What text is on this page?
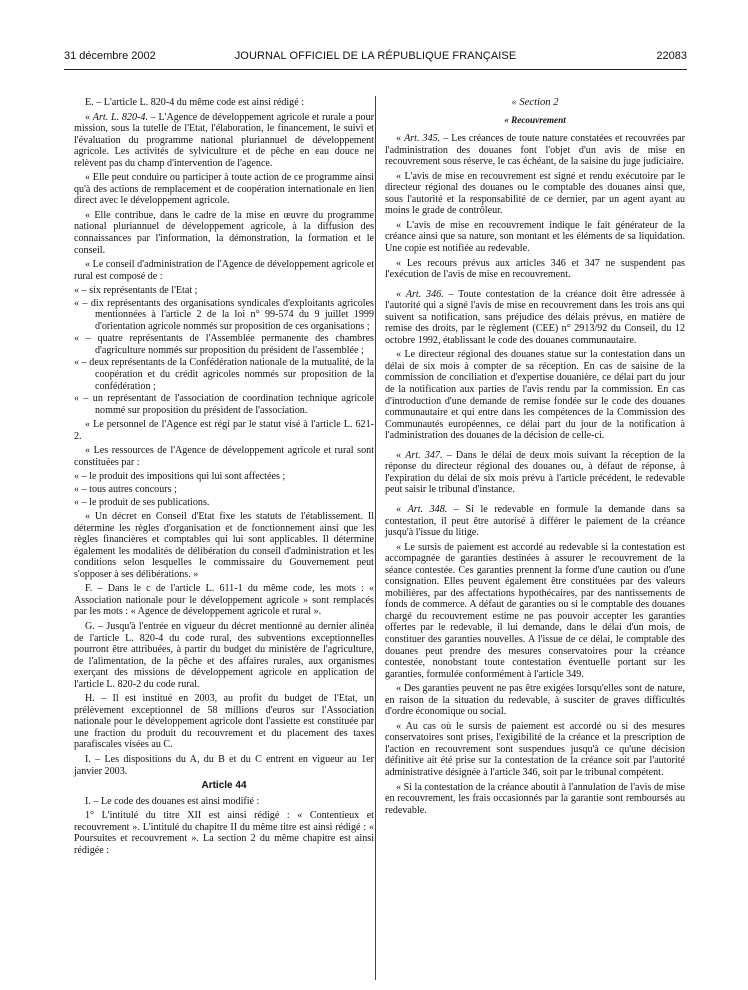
31 décembre 2002	JOURNAL OFFICIEL DE LA RÉPUBLIQUE FRANÇAISE	22083

E. – L'article L. 820-4 du même code est ainsi rédigé :

« Art. L. 820-4. – L'Agence de développement agricole et rurale a pour mission, sous la tutelle de l'Etat, l'élaboration, le financement, le suivi et l'évaluation du programme national pluriannuel de développement agricole. Les activités de sylviculture et de pêche en eau douce ne relèvent pas du champ d'intervention de l'agence.

« Elle peut conduire ou participer à toute action de ce programme ainsi qu'à des actions de remplacement et de coopération internationale en lien direct avec le développement agricole.

« Elle contribue, dans le cadre de la mise en œuvre du programme national pluriannuel de développement agricole, à la diffusion des connaissances par l'information, la démonstration, la formation et le conseil.

« Le conseil d'administration de l'Agence de développement agricole et rural est composé de :

« – six représentants de l'Etat ;
« – dix représentants des organisations syndicales d'exploitants agricoles mentionnées à l'article 2 de la loi n° 99-574 du 9 juillet 1999 d'orientation agricole nommés sur proposition de ces organisations ;
« – quatre représentants de l'Assemblée permanente des chambres d'agriculture nommés sur proposition du président de l'assemblée ;
« – deux représentants de la Confédération nationale de la mutualité, de la coopération et du crédit agricoles nommés sur proposition de la confédération ;
« – un représentant de l'association de coordination technique agricole nommé sur proposition du président de l'association.

« Le personnel de l'Agence est régi par le statut visé à l'article L. 621-2.

« Les ressources de l'Agence de développement agricole et rural sont constituées par :

« – le produit des impositions qui lui sont affectées ;
« – tous autres concours ;
« – le produit de ses publications.

« Un décret en Conseil d'Etat fixe les statuts de l'établissement. Il détermine les règles d'organisation et de fonctionnement ainsi que les règles financières et comptables qui lui sont applicables. Il détermine également les modalités de délibération du conseil d'administration et les conditions selon lesquelles le commissaire du Gouvernement peut s'opposer à ses délibérations. »

F. – Dans le c de l'article L. 611-1 du même code, les mots : « Association nationale pour le développement agricole » sont remplacés par les mots : « Agence de développement agricole et rural ».

G. – Jusqu'à l'entrée en vigueur du décret mentionné au dernier alinéa de l'article L. 820-4 du code rural, des subventions exceptionnelles pourront être attribuées, à partir du budget du ministère de l'agriculture, de l'alimentation, de la pêche et des affaires rurales, aux organismes exerçant des missions de développement agricole en application de l'article L. 820-2 du code rural.

H. – Il est institué en 2003, au profit du budget de l'Etat, un prélèvement exceptionnel de 58 millions d'euros sur l'Association nationale pour le développement agricole dont l'assiette est constituée par une fraction du produit du recouvrement et du placement des taxes parafiscales visées au C.

I. – Les dispositions du A, du B et du C entrent en vigueur au 1er janvier 2003.

Article 44

I. – Le code des douanes est ainsi modifié :

1° L'intitulé du titre XII est ainsi rédigé : « Contentieux et recouvrement ». L'intitulé du chapitre II du même titre est ainsi rédigé : « Poursuites et recouvrement ». La section 2 du même chapitre est ainsi rédigée :

« Section 2
« Recouvrement

« Art. 345. – Les créances de toute nature constatées et recouvrées par l'administration des douanes font l'objet d'un avis de mise en recouvrement sous réserve, le cas échéant, de la saisine du juge judiciaire.

« L'avis de mise en recouvrement est signé et rendu exécutoire par le directeur régional des douanes ou le comptable des douanes ainsi que, sous l'autorité et la responsabilité de ce dernier, par un agent ayant au moins le grade de contrôleur.

« L'avis de mise en recouvrement indique le fait générateur de la créance ainsi que sa nature, son montant et les éléments de sa liquidation. Une copie est notifiée au redevable.

« Les recours prévus aux articles 346 et 347 ne suspendent pas l'exécution de l'avis de mise en recouvrement.

« Art. 346. – Toute contestation de la créance doit être adressée à l'autorité qui a signé l'avis de mise en recouvrement dans les trois ans qui suivent sa notification, sans préjudice des délais prévus, en matière de remise des droits, par le règlement (CEE) n° 2913/92 du Conseil, du 12 octobre 1992, établissant le code des douanes communautaire.

« Le directeur régional des douanes statue sur la contestation dans un délai de six mois à compter de sa réception. En cas de saisine de la commission de conciliation et d'expertise douanière, ce délai part du jour de la notification aux parties de l'avis rendu par la commission. En cas d'introduction d'une demande de remise fondée sur le code des douanes communautaire et qui entre dans les compétences de la Commission des Communautés européennes, ce délai part du jour de la notification à l'administration des douanes de la décision de celle-ci.

« Art. 347. – Dans le délai de deux mois suivant la réception de la réponse du directeur régional des douanes ou, à défaut de réponse, à l'expiration du délai de six mois prévu à l'article précédent, le redevable peut saisir le tribunal d'instance.

« Art. 348. – Si le redevable en formule la demande dans sa contestation, il peut être autorisé à différer le paiement de la créance jusqu'à l'issue du litige.

« Le sursis de paiement est accordé au redevable si la contestation est accompagnée de garanties destinées à assurer le recouvrement de la séance contestée. Ces garanties prennent la forme d'une caution ou d'une consignation. Elles peuvent également être constituées par des valeurs mobilières, par des affectations hypothécaires, par des nantissements de fonds de commerce. A défaut de garanties ou si le comptable des douanes chargé du recouvrement estime ne pas pouvoir accepter les garanties offertes par le redevable, il lui demande, dans le délai d'un mois, de constituer des garanties nouvelles. A l'issue de ce délai, le comptable des douanes peut prendre des mesures conservatoires pour la créance contestée, nonobstant toute contestation éventuelle portant sur les garanties, formulée conformément à l'article 349.

« Des garanties peuvent ne pas être exigées lorsqu'elles sont de nature, en raison de la situation du redevable, à susciter de graves difficultés d'ordre économique ou social.

« Au cas où le sursis de paiement est accordé ou si des mesures conservatoires sont prises, l'exigibilité de la créance et la prescription de l'action en recouvrement sont suspendues jusqu'à ce qu'une décision définitive ait été prise sur la contestation de la créance soit par l'autorité administrative désignée à l'article 346, soit par le tribunal compétent.

« Si la contestation de la créance aboutit à l'annulation de l'avis de mise en recouvrement, les frais occasionnés par la garantie sont remboursés au redevable.
